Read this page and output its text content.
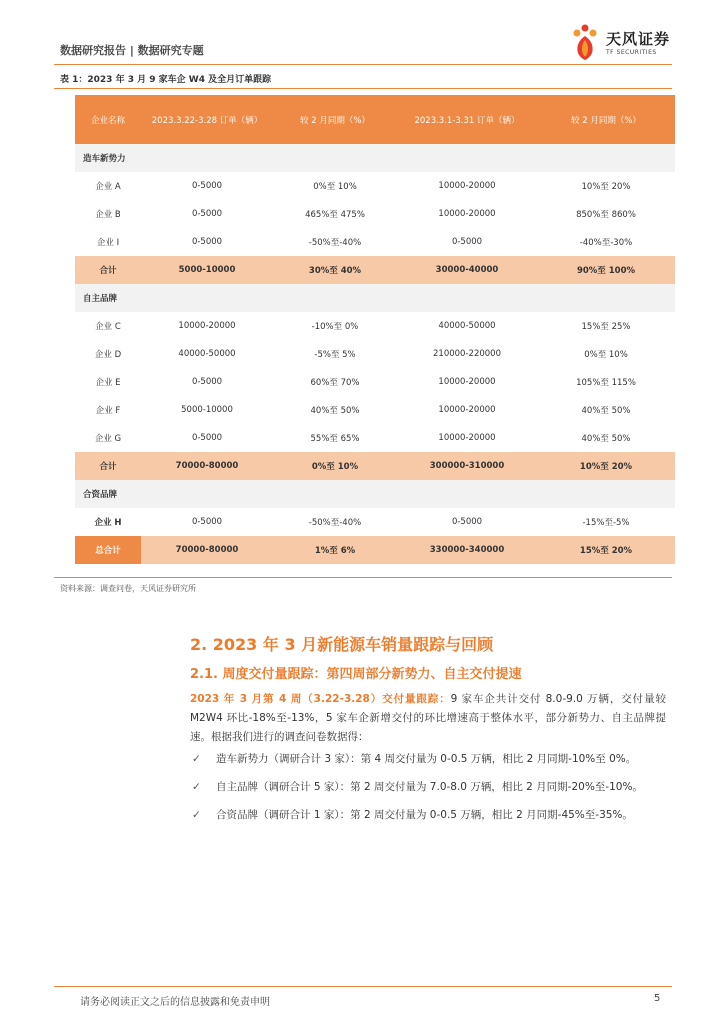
数据研究报告 | 数据研究专题
天风证券
TF SECURITIES
表 1：2023 年 3 月 9 家车企 W4 及全月订单跟踪
企业名称	2023.3.22-3.28 订单（辆）	较 2 月同期（%）	2023.3.1-3.31 订单（辆）	较 2 月同期（%）
造车新势力				
企业 A	0-5000	0%至 10%	10000-20000	10%至 20%
企业 B	0-5000	465%至 475%	10000-20000	850%至 860%
企业 I	0-5000	-50%至-40%	0-5000	-40%至-30%
合计	5000-10000	30%至 40%	30000-40000	90%至 100%
自主品牌				
企业 C	10000-20000	-10%至 0%	40000-50000	15%至 25%
企业 D	40000-50000	-5%至 5%	210000-220000	0%至 10%
企业 E	0-5000	60%至 70%	10000-20000	105%至 115%
企业 F	5000-10000	40%至 50%	10000-20000	40%至 50%
企业 G	0-5000	55%至 65%	10000-20000	40%至 50%
合计	70000-80000	0%至 10%	300000-310000	10%至 20%
合资品牌				
企业 H	0-5000	-50%至-40%	0-5000	-15%至-5%
总合计	70000-80000	1%至 6%	330000-340000	15%至 20%
资料来源：调查问卷，天风证券研究所
2. 2023 年 3 月新能源车销量跟踪与回顾
2.1. 周度交付量跟踪：第四周部分新势力、自主交付提速
2023 年 3 月第 4 周（3.22-3.28）交付量跟踪：9 家车企共计交付 8.0-9.0 万辆，交付量较 M2W4 环比-18%至-13%，5 家车企新增交付的环比增速高于整体水平，部分新势力、自主品牌提速。根据我们进行的调查问卷数据得：
✓ 造车新势力（调研合计 3 家）：第 4 周交付量为 0-0.5 万辆，相比 2 月同期-10%至 0%。
✓ 自主品牌（调研合计 5 家）：第 2 周交付量为 7.0-8.0 万辆，相比 2 月同期-20%至-10%。
✓ 合资品牌（调研合计 1 家）：第 2 周交付量为 0-0.5 万辆，相比 2 月同期-45%至-35%。
请务必阅读正文之后的信息披露和免责申明	5
